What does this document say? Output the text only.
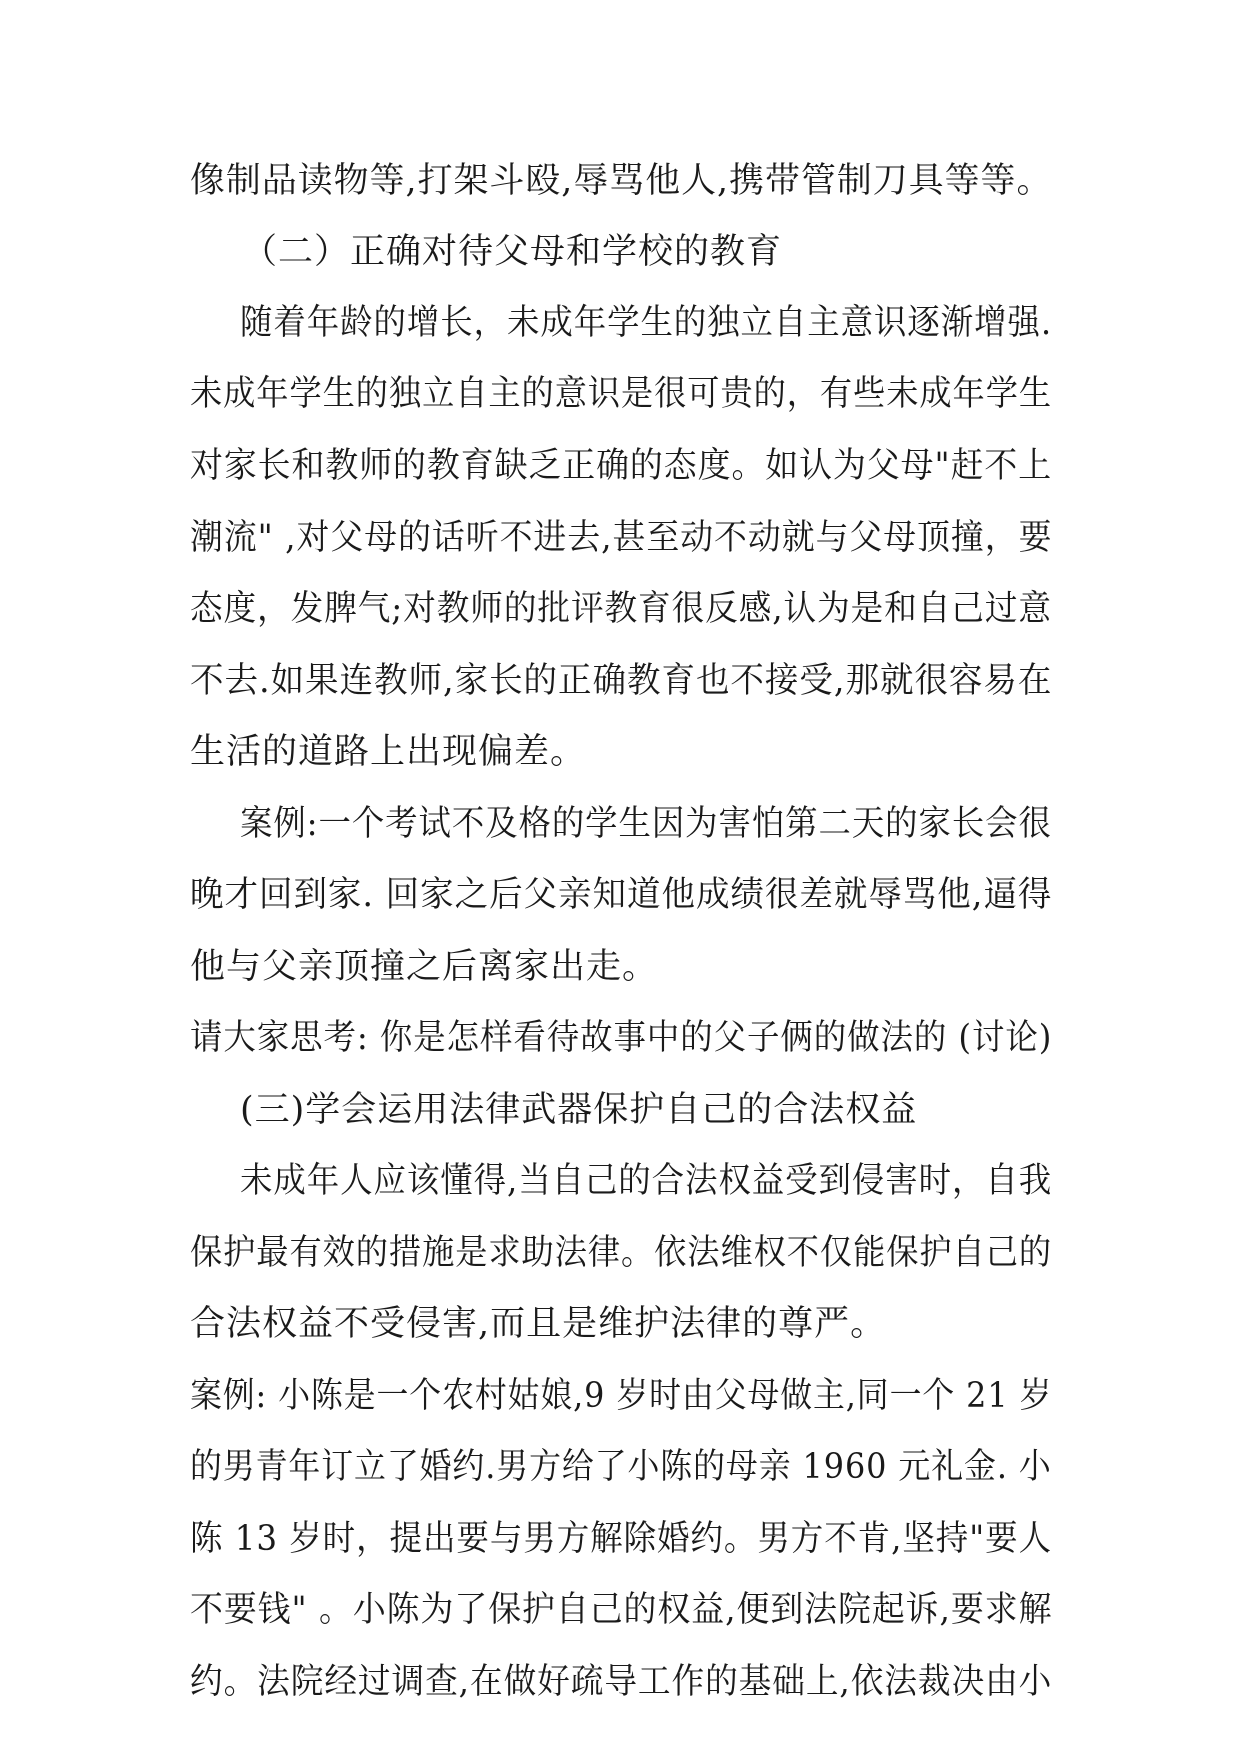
像制品读物等,打架斗殴,辱骂他人,携带管制刀具等等。
（二）正确对待父母和学校的教育
随着年龄的增长，未成年学生的独立自主意识逐渐增强.
未成年学生的独立自主的意识是很可贵的，有些未成年学生
对家长和教师的教育缺乏正确的态度。如认为父母"赶不上
潮流" ,对父母的话听不进去,甚至动不动就与父母顶撞，要
态度，发脾气;对教师的批评教育很反感,认为是和自己过意
不去.如果连教师,家长的正确教育也不接受,那就很容易在
生活的道路上出现偏差。
案例:一个考试不及格的学生因为害怕第二天的家长会很
晚才回到家. 回家之后父亲知道他成绩很差就辱骂他,逼得
他与父亲顶撞之后离家出走。
请大家思考: 你是怎样看待故事中的父子俩的做法的 (讨论)
(三)学会运用法律武器保护自己的合法权益
未成年人应该懂得,当自己的合法权益受到侵害时，自我
保护最有效的措施是求助法律。依法维权不仅能保护自己的
合法权益不受侵害,而且是维护法律的尊严。
案例: 小陈是一个农村姑娘,9 岁时由父母做主,同一个 21 岁
的男青年订立了婚约.男方给了小陈的母亲 1960 元礼金. 小
陈 13 岁时，提出要与男方解除婚约。男方不肯,坚持"要人
不要钱" 。小陈为了保护自己的权益,便到法院起诉,要求解
约。法院经过调查,在做好疏导工作的基础上,依法裁决由小
